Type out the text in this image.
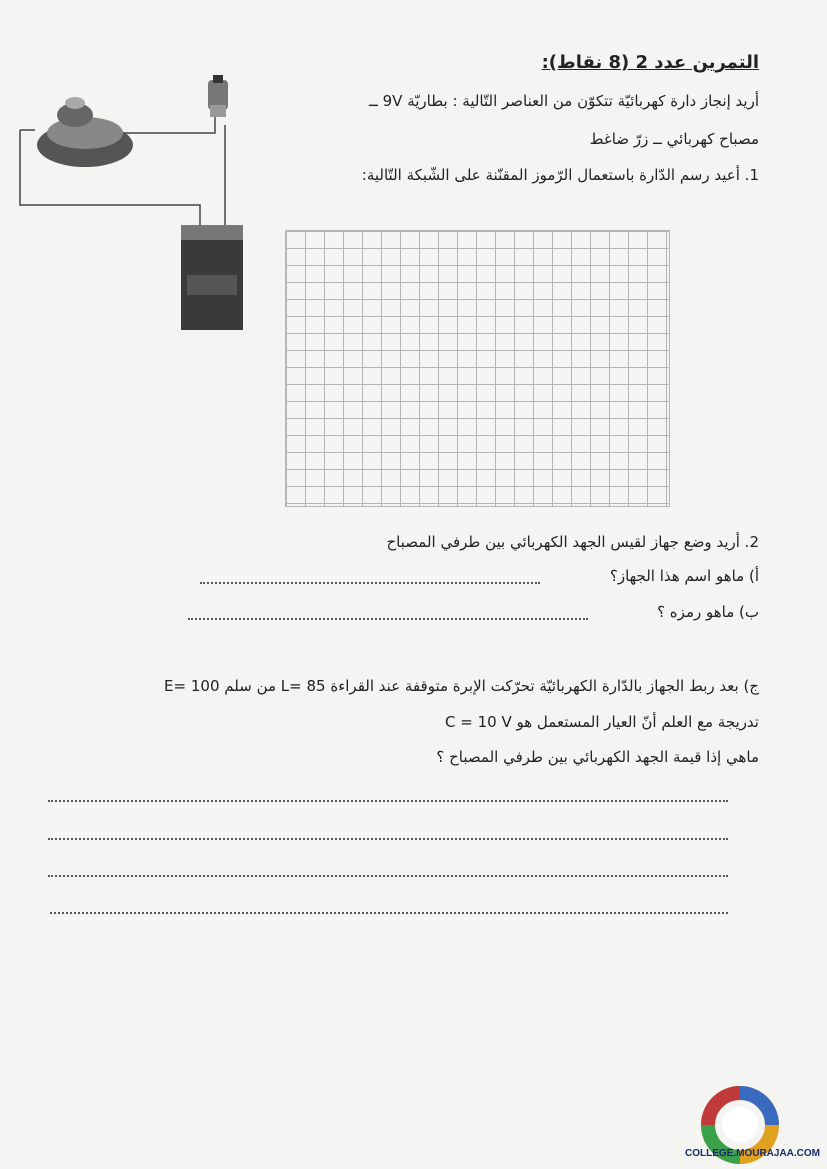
التمرين عدد 2 (8 نقاط):
أريد إنجاز دارة كهربائيّة تتكوّن من العناصر التّالية : بطاريّة 9V ــ
مصباح كهربائي ــ زرّ ضاغط
1. أعيد رسم الدّارة باستعمال الرّموز المقنّنة على الشّبكة التّالية:
2. أريد وضع جهاز لقيس الجهد الكهربائي بين طرفي المصباح
أ) ماهو اسم هذا الجهاز؟
ب) ماهو رمزه ؟
ج) بعد ربط الجهاز بالدّارة الكهربائيّة تحرّكت الإبرة متوقفة عند القراءة L= 85 من سلم 100 =E
تدريجة مع العلم أنّ العيار المستعمل هو C = 10 V
ماهي إذا قيمة الجهد الكهربائي بين طرفي المصباح ؟
COLLEGE.MOURAJAA.COM
